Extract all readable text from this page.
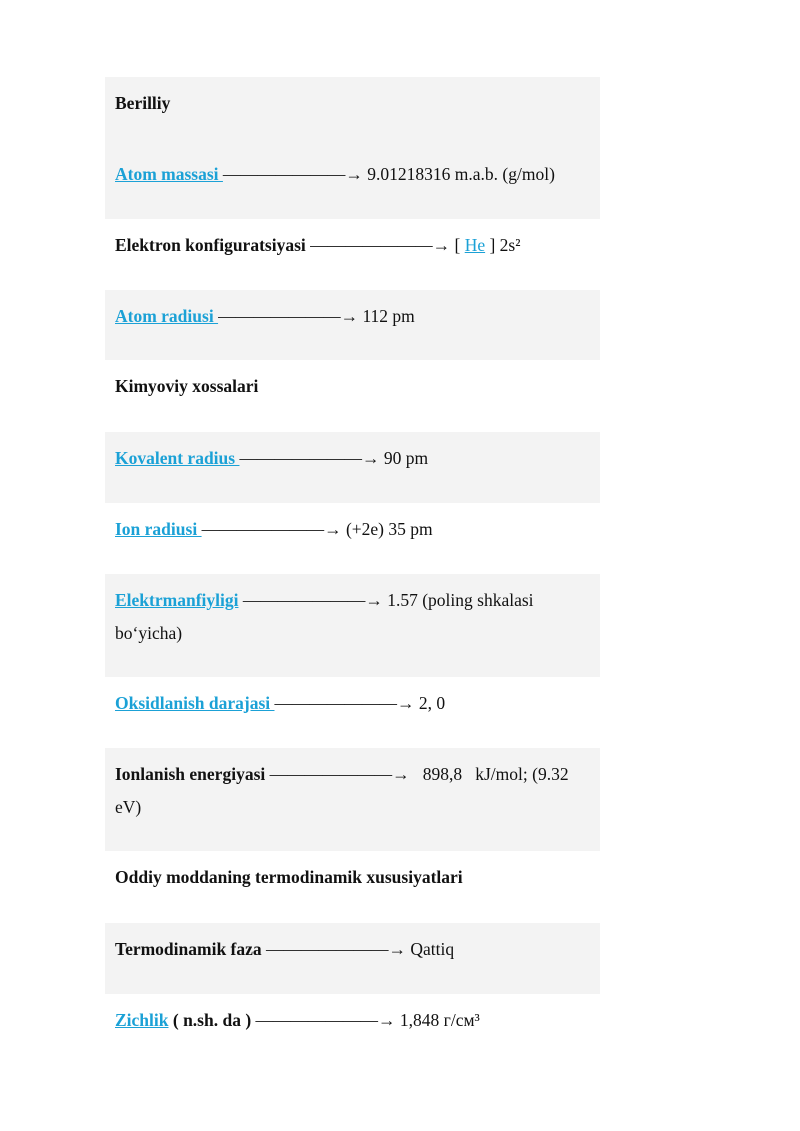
Berilliy
Atom massasi ———————→ 9.01218316 m.a.b. (g/mol)
Elektron konfiguratsiyasi ———————→ [ He ] 2s²
Atom radiusi ———————→ 112 pm
Kimyoviy xossalari
Kovalent radius ———————→ 90 pm
Ion radiusi ———————→ (+2e) 35 pm
Elektrmanfiyligi ———————→ 1.57 (poling shkalasi bo‘yicha)
Oksidlanish darajasi ———————→ 2, 0
Ionlanish energiyasi ———————→   898,8   kJ/mol; (9.32 eV)
Oddiy moddaning termodinamik xususiyatlari
Termodinamik faza ———————→ Qattiq
Zichlik ( n.sh. da ) ———————→ 1,848 г/см³
